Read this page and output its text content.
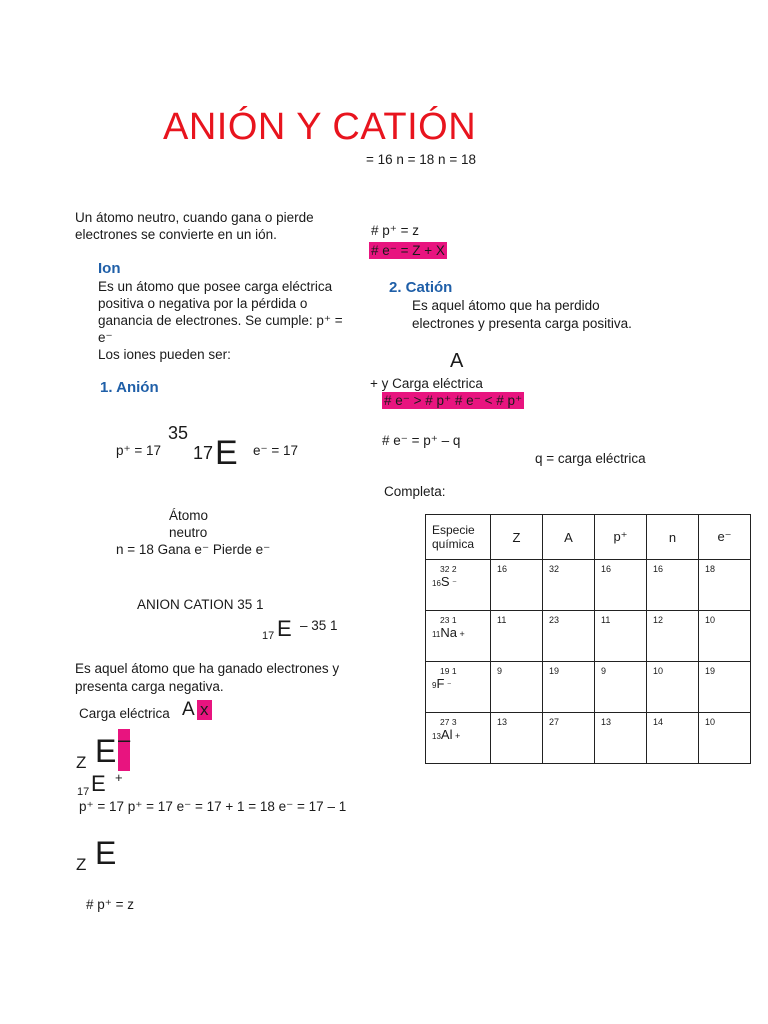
ANIÓN Y CATIÓN
= 16 n = 18 n = 18
Un átomo neutro, cuando gana o pierde
electrones se convierte en un ión.	# p⁺ = z
# e⁻ = Z + X
Ion
Es un átomo que posee carga eléctrica
positiva o negativa por la pérdida o
ganancia de electrones. Se cumple: p⁺ =
e⁻
Los iones pueden ser:
2. Catión
Es aquel átomo que ha perdido
electrones y presenta carga positiva.
A
+ y Carga eléctrica
# e⁻ > # p⁺ # e⁻ < # p⁺
# e⁻ = p⁺ – q
q = carga eléctrica
Completa:
1. Anión
p⁺ = 17
35
17 E e⁻ = 17
Átomo
neutro
n = 18 Gana e⁻ Pierde e⁻
ANION CATION 35 1
17 E – 35 1
Es aquel átomo que ha ganado electrones y
presenta carga negativa.
Carga eléctrica A x
Z E –
17 E +
p⁺ = 17 p⁺ = 17 e⁻ = 17 + 1 = 18 e⁻ = 17 – 1
Z E
# p⁺ = z
Especie química	Z	A	p⁺	n	e⁻

32 2
16S ⁻	16	32	16	16	18

23 1
11Na +	11	23	11	12	10

19 1
9F ⁻	9	19	9	10	19

27 3
13Al +	13	27	13	14	10
